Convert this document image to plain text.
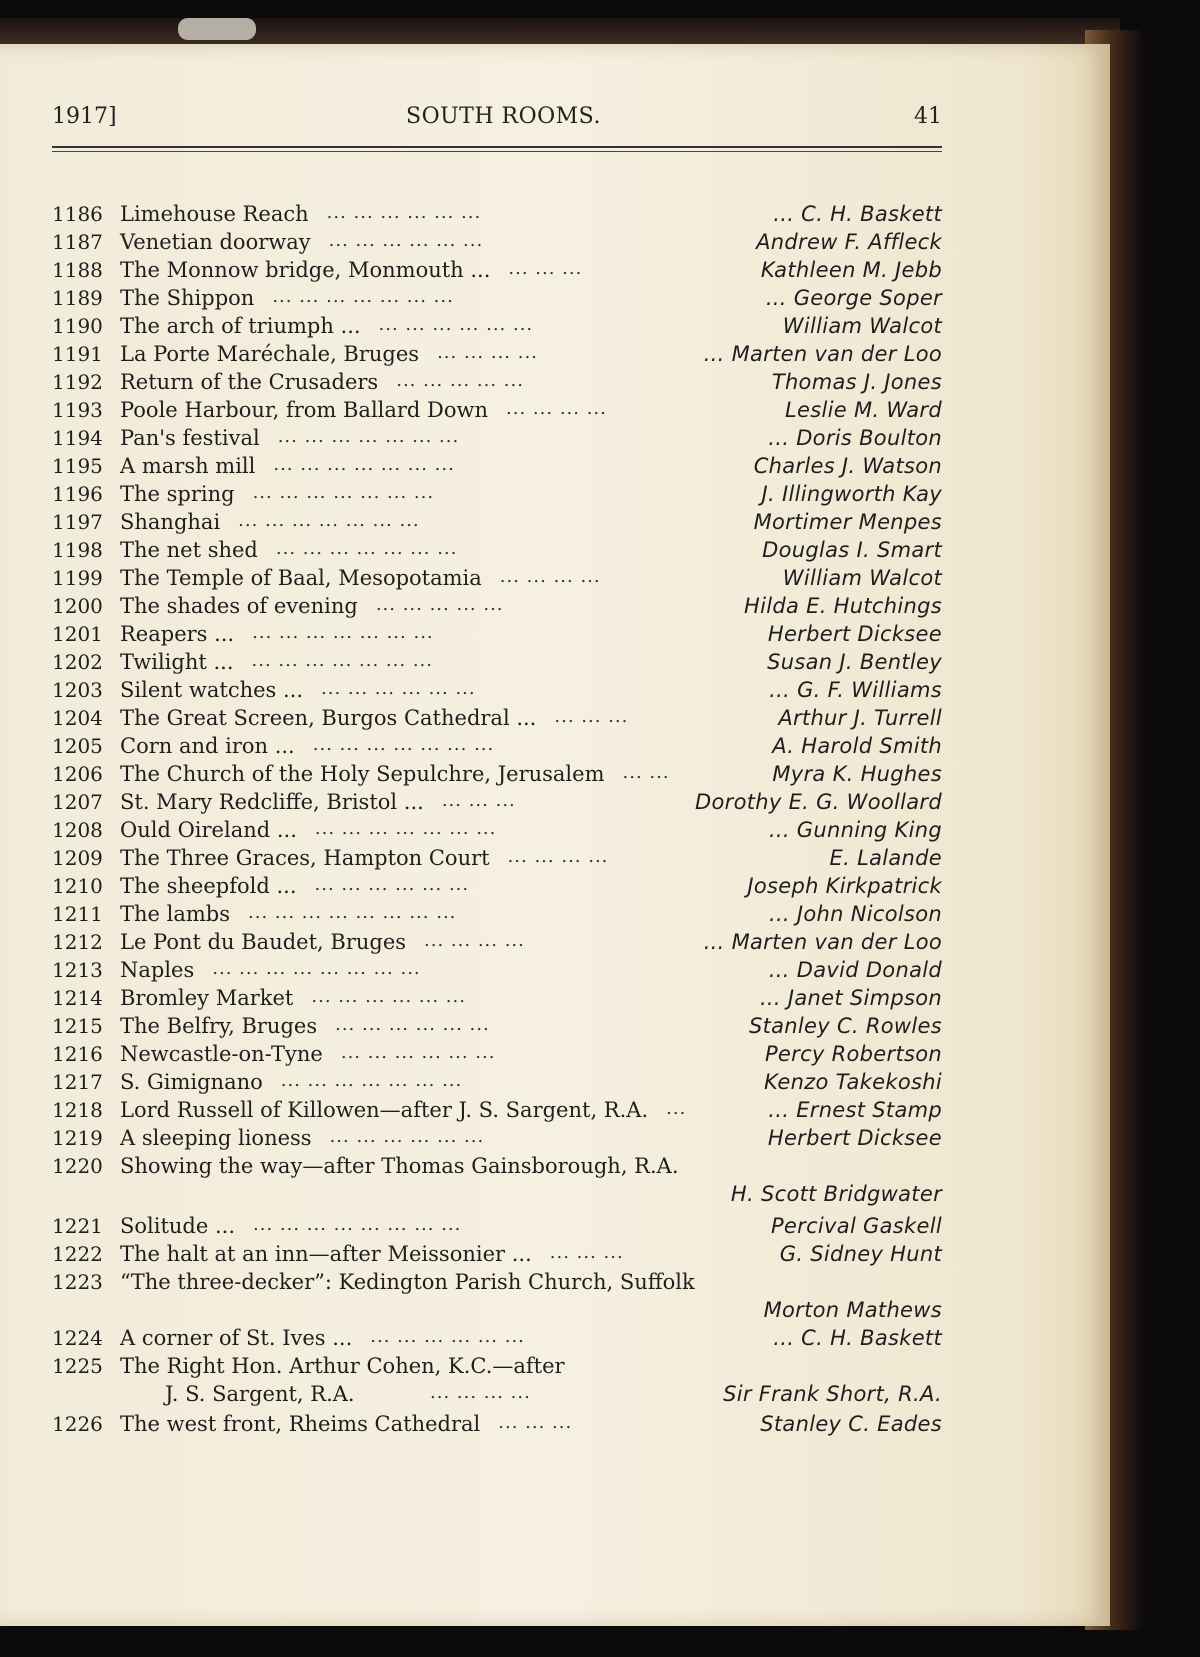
1917]	SOUTH ROOMS.	41
1186 Limehouse Reach	... C. H. Baskett
... ... ... ... ... ...
1187 Venetian doorway	Andrew F. Affleck
... ... ... ... ... ...
1188 The Monnow bridge, Monmouth ...	Kathleen M. Jebb
... ... ...
1189 The Shippon	... George Soper
... ... ... ... ... ... ...
1190 The arch of triumph ...	William Walcot
... ... ... ... ... ...
1191 La Porte Maréchale, Bruges	... Marten van der Loo
... ... ... ...
1192 Return of the Crusaders	Thomas J. Jones
... ... ... ... ...
1193 Poole Harbour, from Ballard Down	Leslie M. Ward
... ... ... ...
1194 Pan's festival	... Doris Boulton
... ... ... ... ... ... ...
1195 A marsh mill	Charles J. Watson
... ... ... ... ... ... ...
1196 The spring	J. Illingworth Kay
... ... ... ... ... ... ...
1197 Shanghai	Mortimer Menpes
... ... ... ... ... ... ...
1198 The net shed	Douglas I. Smart
... ... ... ... ... ... ...
1199 The Temple of Baal, Mesopotamia	William Walcot
... ... ... ...
1200 The shades of evening	Hilda E. Hutchings
... ... ... ... ...
1201 Reapers ...	Herbert Dicksee
... ... ... ... ... ... ...
1202 Twilight ...	Susan J. Bentley
... ... ... ... ... ... ...
1203 Silent watches ...	... G. F. Williams
... ... ... ... ... ...
1204 The Great Screen, Burgos Cathedral ...	Arthur J. Turrell
... ... ...
1205 Corn and iron ...	A. Harold Smith
... ... ... ... ... ... ...
1206 The Church of the Holy Sepulchre, Jerusalem	Myra K. Hughes
... ...
1207 St. Mary Redcliffe, Bristol ...	Dorothy E. G. Woollard
... ... ...
1208 Ould Oireland ...	... Gunning King
... ... ... ... ... ... ...
1209 The Three Graces, Hampton Court	E. Lalande
... ... ... ...
1210 The sheepfold ...	Joseph Kirkpatrick
... ... ... ... ... ...
1211 The lambs	... John Nicolson
... ... ... ... ... ... ... ...
1212 Le Pont du Baudet, Bruges	... Marten van der Loo
... ... ... ...
1213 Naples	... David Donald
... ... ... ... ... ... ... ...
1214 Bromley Market	... Janet Simpson
... ... ... ... ... ...
1215 The Belfry, Bruges	Stanley C. Rowles
... ... ... ... ... ...
1216 Newcastle-on-Tyne	Percy Robertson
... ... ... ... ... ...
1217 S. Gimignano	Kenzo Takekoshi
... ... ... ... ... ... ...
1218 Lord Russell of Killowen—after J. S. Sargent, R.A.	... Ernest Stamp
...
1219 A sleeping lioness	Herbert Dicksee
... ... ... ... ... ...
1220 Showing the way—after Thomas Gainsborough, R.A.
H. Scott Bridgwater
1221 Solitude ...	Percival Gaskell
... ... ... ... ... ... ... ...
1222 The halt at an inn—after Meissonier ...	G. Sidney Hunt
... ... ...
1223 “The three-decker”: Kedington Parish Church, Suffolk
Morton Mathews
1224 A corner of St. Ives ...	... C. H. Baskett
... ... ... ... ... ...
1225 The Right Hon. Arthur Cohen, K.C.—after
J. S. Sargent, R.A.	... ... ... ...	Sir Frank Short, R.A.
1226 The west front, Rheims Cathedral	Stanley C. Eades
... ... ...
